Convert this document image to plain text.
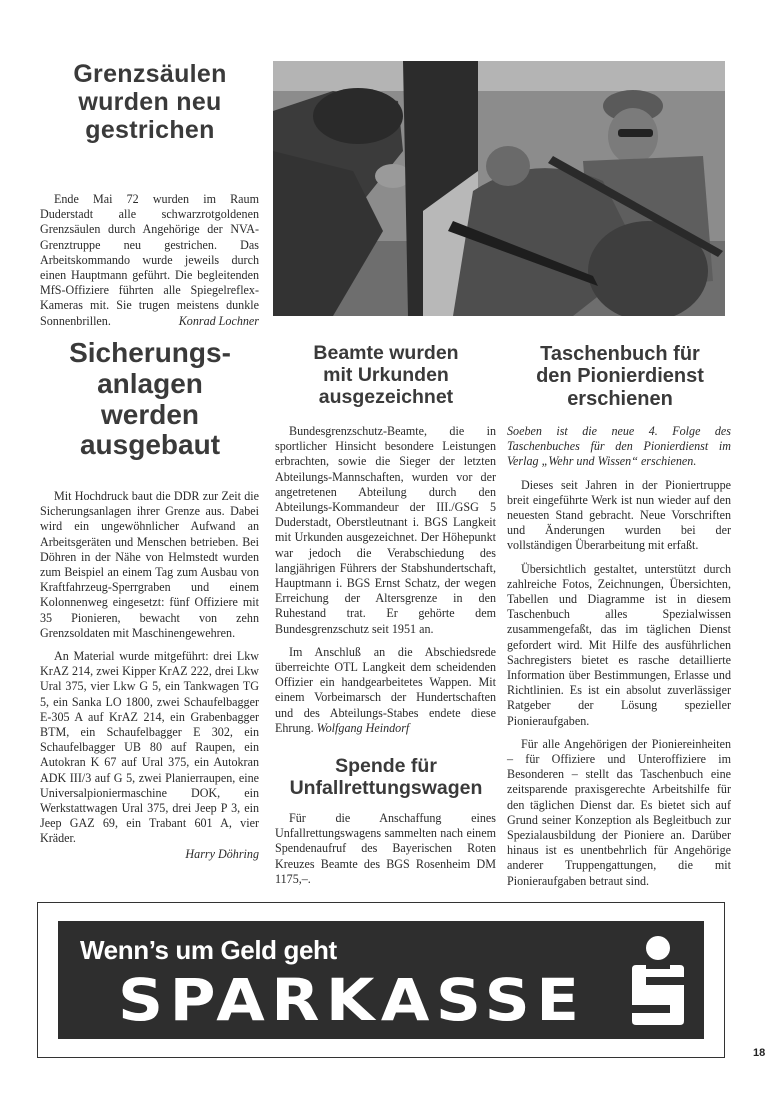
Grenzsäulen
wurden neu
gestrichen

Ende Mai 72 wurden im Raum Duderstadt alle schwarzrotgoldenen Grenzsäulen durch Angehörige der NVA-Grenztruppe neu gestrichen. Das Arbeitskommando wurde jeweils durch einen Hauptmann geführt. Die begleitenden MfS-Offiziere führten alle Spiegelreflex-Kameras mit. Sie trugen meistens dunkle Sonnenbrillen.	Konrad Lochner
Sicherungs-
anlagen
werden
ausgebaut

Mit Hochdruck baut die DDR zur Zeit die Sicherungsanlagen ihrer Grenze aus. Dabei wird ein ungewöhnlicher Aufwand an Arbeitsgeräten und Menschen betrieben. Bei Döhren in der Nähe von Helmstedt wurden zum Beispiel an einem Tag zum Ausbau von Kraftfahrzeug-Sperrgraben und einem Kolonnenweg eingesetzt: fünf Offiziere mit 35 Pionieren, bewacht von zehn Grenzsoldaten mit Maschinengewehren.

An Material wurde mitgeführt: drei Lkw KrAZ 214, zwei Kipper KrAZ 222, drei Lkw Ural 375, vier Lkw G 5, ein Tankwagen TG 5, ein Sanka LO 1800, zwei Schaufelbagger E-305 A auf KrAZ 214, ein Grabenbagger BTM, ein Schaufelbagger E 302, ein Schaufelbagger UB 80 auf Raupen, ein Autokran K 67 auf Ural 375, ein Autokran ADK III/3 auf G 5, zwei Planierraupen, eine Universalpioniermaschine DOK, ein Werkstattwagen Ural 375, drei Jeep P 3, ein Jeep GAZ 69, ein Trabant 601 A, vier Kräder.

Harry Döhring
Beamte wurden
mit Urkunden
ausgezeichnet

Bundesgrenzschutz-Beamte, die in sportlicher Hinsicht besondere Leistungen erbrachten, sowie die Sieger der letzten Abteilungs-Mannschaften, wurden vor der angetretenen Abteilung durch den Abteilungs-Kommandeur der III./GSG 5 Duderstadt, Oberstleutnant i. BGS Langkeit mit Urkunden ausgezeichnet. Der Höhepunkt war jedoch die Verabschiedung des langjährigen Führers der Stabshundertschaft, Hauptmann i. BGS Ernst Schatz, der wegen Erreichung der Altersgrenze in den Ruhestand trat. Er gehörte dem Bundesgrenzschutz seit 1951 an.

Im Anschluß an die Abschiedsrede überreichte OTL Langkeit dem scheidenden Offizier ein handgearbeitetes Wappen. Mit einem Vorbeimarsch der Hundertschaften und des Abteilungs-Stabes endete diese Ehrung. Wolfgang Heindorf

Spende für
Unfallrettungswagen

Für die Anschaffung eines Unfallrettungswagens sammelten nach einem Spendenaufruf des Bayerischen Roten Kreuzes Beamte des BGS Rosenheim DM 1175,–.

Taschenbuch für
den Pionierdienst
erschienen

Soeben ist die neue 4. Folge des Taschenbuches für den Pionierdienst im Verlag „Wehr und Wissen“ erschienen.

Dieses seit Jahren in der Pioniertruppe breit eingeführte Werk ist nun wieder auf den neuesten Stand gebracht. Neue Vorschriften und Änderungen wurden bei der vollständigen Überarbeitung mit erfaßt.

Übersichtlich gestaltet, unterstützt durch zahlreiche Fotos, Zeichnungen, Übersichten, Tabellen und Diagramme ist in diesem Taschenbuch alles Spezialwissen zusammengefaßt, das im täglichen Dienst gefordert wird. Mit Hilfe des ausführlichen Sachregisters bietet es rasche detaillierte Information über Bestimmungen, Erlasse und Richtlinien. Es ist ein absolut zuverlässiger Ratgeber der Lösung spezieller Pionieraufgaben.

Für alle Angehörigen der Pioniereinheiten – für Offiziere und Unteroffiziere im Besonderen – stellt das Taschenbuch eine zeitsparende praxisgerechte Arbeitshilfe für den täglichen Dienst dar. Es bietet sich auf Grund seiner Konzeption als Begleitbuch zur Spezialausbildung der Pioniere an. Darüber hinaus ist es unentbehrlich für Angehörige anderer Truppengattungen, die mit Pionieraufgaben betraut sind.

Wenn’s um Geld geht
SPARKASSE
18
